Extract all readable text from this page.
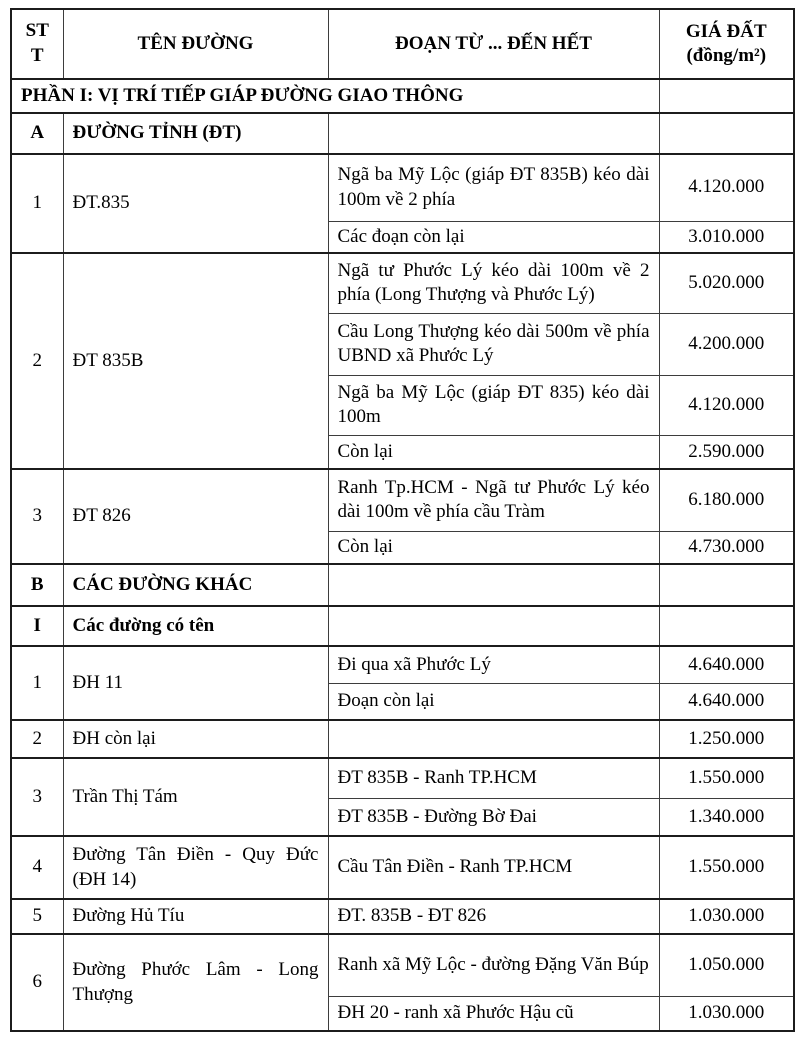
STT	TÊN ĐƯỜNG	ĐOẠN TỪ ... ĐẾN HẾT	GIÁ ĐẤT
(đồng/m²)

PHẦN I: VỊ TRÍ TIẾP GIÁP ĐƯỜNG GIAO THÔNG			
A	ĐƯỜNG TỈNH (ĐT)		
1	ĐT.835	Ngã ba Mỹ Lộc (giáp ĐT 835B) kéo dài 100m về 2 phía	4.120.000
		Các đoạn còn lại	3.010.000
2	ĐT 835B	Ngã tư Phước Lý kéo dài 100m về 2 phía (Long Thượng và Phước Lý)	5.020.000
		Cầu Long Thượng kéo dài 500m về phía UBND xã Phước Lý	4.200.000
		Ngã ba Mỹ Lộc (giáp ĐT 835) kéo dài 100m	4.120.000
		Còn lại	2.590.000
3	ĐT 826	Ranh Tp.HCM - Ngã tư Phước Lý kéo dài 100m về phía cầu Tràm	6.180.000
		Còn lại	4.730.000
B	CÁC ĐƯỜNG KHÁC		
I	Các đường có tên		
1	ĐH 11	Đi qua xã Phước Lý	4.640.000
		Đoạn còn lại	4.640.000
2	ĐH còn lại		1.250.000
3	Trần Thị Tám	ĐT 835B - Ranh TP.HCM	1.550.000
		ĐT 835B - Đường Bờ Đai	1.340.000
4	Đường Tân Điền - Quy Đức (ĐH 14)	Cầu Tân Điền - Ranh TP.HCM	1.550.000
5	Đường Hủ Tíu	ĐT. 835B - ĐT 826	1.030.000
6	Đường Phước Lâm - Long Thượng	Ranh xã Mỹ Lộc - đường Đặng Văn Búp	1.050.000
		ĐH 20 - ranh xã Phước Hậu cũ	1.030.000
